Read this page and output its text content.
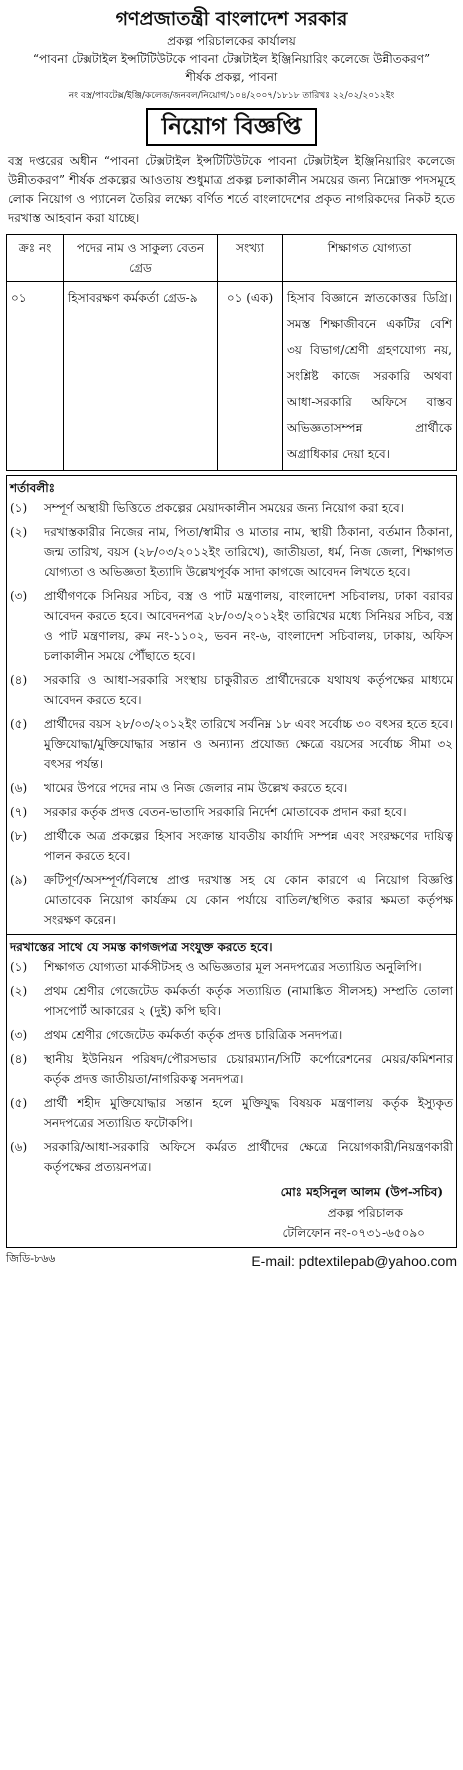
গণপ্রজাতন্ত্রী বাংলাদেশ সরকার
প্রকল্প পরিচালকের কার্যালয়
“পাবনা টেক্সটাইল ইন্সটিটিউটকে পাবনা টেক্সটাইল ইঞ্জিনিয়ারিং কলেজে উন্নীতকরণ” শীর্ষক প্রকল্প, পাবনা
নং বস্ত্র/পাবটেক্স/ইঞ্জি/কলেজ/জনবল/নিয়োগ/১০৪/২০০৭/১৮১৮ তারিখঃ ২২/০২/২০১২ইং
নিয়োগ বিজ্ঞপ্তি
বস্ত্র দপ্তরের অধীন “পাবনা টেক্সটাইল ইন্সটিটিউটকে পাবনা টেক্সটাইল ইঞ্জিনিয়ারিং কলেজে উন্নীতকরণ” শীর্ষক প্রকল্পের আওতায় শুধুমাত্র প্রকল্প চলাকালীন সময়ের জন্য নিম্নোক্ত পদসমূহে লোক নিয়োগ ও প্যানেল তৈরির লক্ষ্যে বর্ণিত শর্তে বাংলাদেশের প্রকৃত নাগরিকদের নিকট হতে দরখাস্ত আহবান করা যাচ্ছে।
ক্রঃ নং	পদের নাম ও সাকুল্য বেতন গ্রেড	সংখ্যা	শিক্ষাগত যোগ্যতা
০১	হিসাবরক্ষণ কর্মকর্তা গ্রেড-৯	০১ (এক)	হিসাব বিজ্ঞানে স্নাতকোত্তর ডিগ্রি। সমস্ত শিক্ষাজীবনে একটির বেশি ৩য় বিভাগ/শ্রেণী গ্রহণযোগ্য নয়, সংশ্লিষ্ট কাজে সরকারি অথবা আধা-সরকারি অফিসে বাস্তব অভিজ্ঞতাসম্পন্ন প্রার্থীকে অগ্রাধিকার দেয়া হবে।
শর্তাবলীঃ
(১)	সম্পূর্ণ অস্থায়ী ভিত্তিতে প্রকল্পের মেয়াদকালীন সময়ের জন্য নিয়োগ করা হবে।
(২)	দরখাস্তকারীর নিজের নাম, পিতা/স্বামীর ও মাতার নাম, স্থায়ী ঠিকানা, বর্তমান ঠিকানা, জন্ম তারিখ, বয়স (২৮/০৩/২০১২ইং তারিখে), জাতীয়তা, ধর্ম, নিজ জেলা, শিক্ষাগত যোগ্যতা ও অভিজ্ঞতা ইত্যাদি উল্লেখপূর্বক সাদা কাগজে আবেদন লিখতে হবে।
(৩)	প্রার্থীগণকে সিনিয়র সচিব, বস্ত্র ও পাট মন্ত্রণালয়, বাংলাদেশ সচিবালয়, ঢাকা বরাবর আবেদন করতে হবে। আবেদনপত্র ২৮/০৩/২০১২ইং তারিখের মধ্যে সিনিয়র সচিব, বস্ত্র ও পাট মন্ত্রণালয়, রুম নং-১১০২, ভবন নং-৬, বাংলাদেশ সচিবালয়, ঢাকায়, অফিস চলাকালীন সময়ে পৌঁছাতে হবে।
(৪)	সরকারি ও আধা-সরকারি সংস্থায় চাকুরীরত প্রার্থীদেরকে যথাযথ কর্তৃপক্ষের মাধ্যমে আবেদন করতে হবে।
(৫)	প্রার্থীদের বয়স ২৮/০৩/২০১২ইং তারিখে সর্বনিম্ন ১৮ এবং সর্বোচ্চ ৩০ বৎসর হতে হবে। মুক্তিযোদ্ধা/মুক্তিযোদ্ধার সন্তান ও অন্যান্য প্রযোজ্য ক্ষেত্রে বয়সের সর্বোচ্চ সীমা ৩২ বৎসর পর্যন্ত।
(৬)	খামের উপরে পদের নাম ও নিজ জেলার নাম উল্লেখ করতে হবে।
(৭)	সরকার কর্তৃক প্রদত্ত বেতন-ভাতাদি সরকারি নির্দেশ মোতাবেক প্রদান করা হবে।
(৮)	প্রার্থীকে অত্র প্রকল্পের হিসাব সংক্রান্ত যাবতীয় কার্যাদি সম্পন্ন এবং সংরক্ষণের দায়িত্ব পালন করতে হবে।
(৯)	ক্রটিপূর্ণ/অসম্পূর্ণ/বিলম্বে প্রাপ্ত দরখাস্ত সহ যে কোন কারণে এ নিয়োগ বিজ্ঞপ্তি মোতাবেক নিয়োগ কার্যক্রম যে কোন পর্যায়ে বাতিল/স্থগিত করার ক্ষমতা কর্তৃপক্ষ সংরক্ষণ করেন।
দরখাস্তের সাথে যে সমস্ত কাগজপত্র সংযুক্ত করতে হবে।
(১)	শিক্ষাগত যোগ্যতা মার্কসীটসহ ও অভিজ্ঞতার মূল সনদপত্রের সত্যায়িত অনুলিপি।
(২)	প্রথম শ্রেণীর গেজেটেড কর্মকর্তা কর্তৃক সত্যায়িত (নামাঙ্কিত সীলসহ) সম্প্রতি তোলা পাসপোর্ট আকারের ২ (দুই) কপি ছবি।
(৩)	প্রথম শ্রেণীর গেজেটেড কর্মকর্তা কর্তৃক প্রদত্ত চারিত্রিক সনদপত্র।
(৪)	স্থানীয় ইউনিয়ন পরিষদ/পৌরসভার চেয়ারম্যান/সিটি কর্পোরেশনের মেয়র/কমিশনার কর্তৃক প্রদত্ত জাতীয়তা/নাগরিকত্ব সনদপত্র।
(৫)	প্রার্থী শহীদ মুক্তিযোদ্ধার সন্তান হলে মুক্তিযুদ্ধ বিষয়ক মন্ত্রণালয় কর্তৃক ইস্যুকৃত সনদপত্রের সত্যায়িত ফটোকপি।
(৬)	সরকারি/আধা-সরকারি অফিসে কর্মরত প্রার্থীদের ক্ষেত্রে নিয়োগকারী/নিয়ন্ত্রণকারী কর্তৃপক্ষের প্রত্যয়নপত্র।
মোঃ মহসিনুল আলম (উপ-সচিব)
প্রকল্প পরিচালক
টেলিফোন নং-০৭৩১-৬৫০৯০
জিডি-৮৬৬	E-mail: pdtextilepab@yahoo.com
